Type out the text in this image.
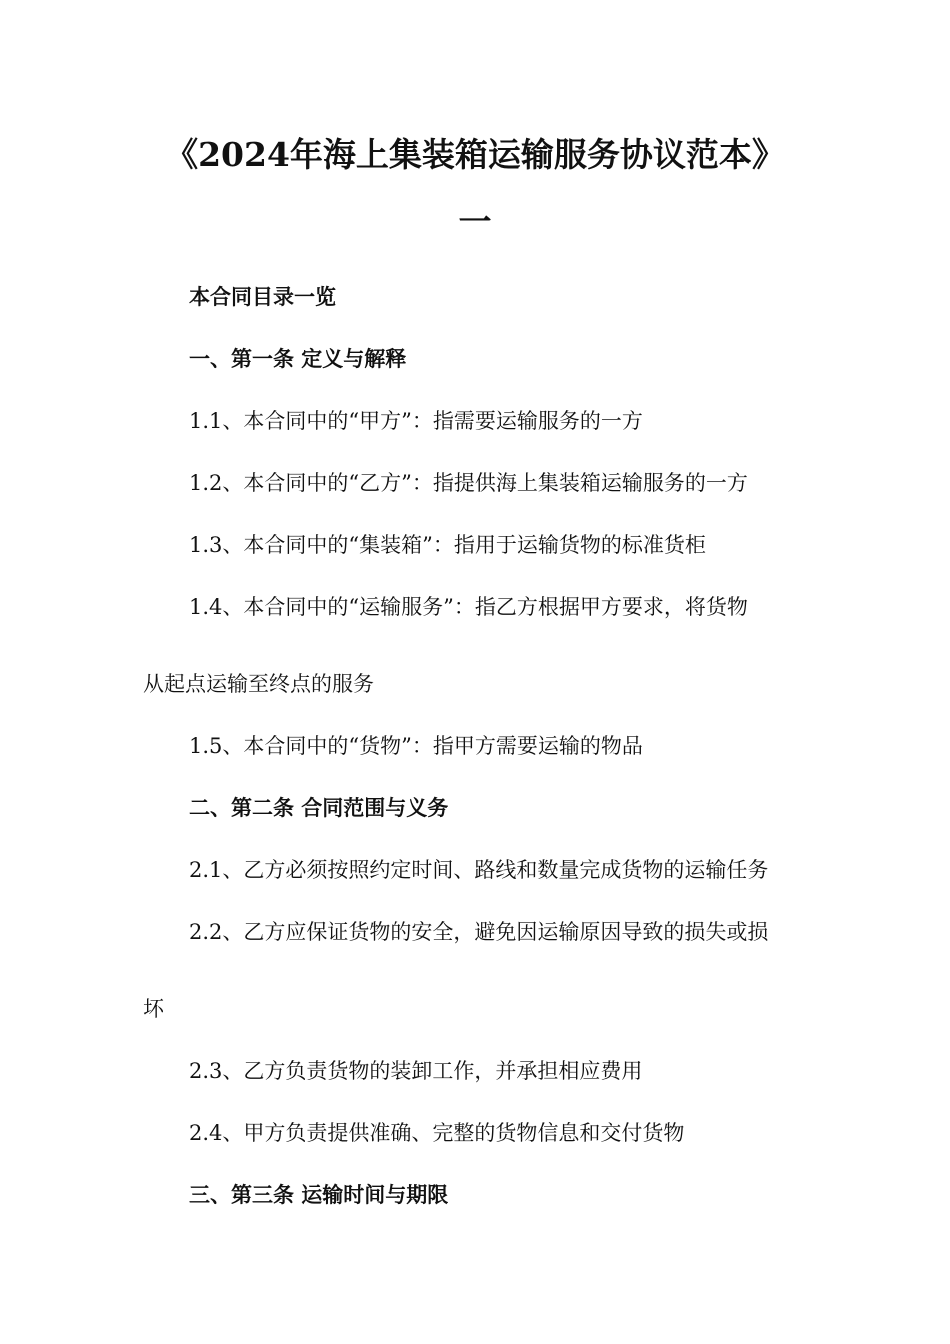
《2024年海上集装箱运输服务协议范本》
一
本合同目录一览
一、第一条 定义与解释
1.1、本合同中的“甲方”：指需要运输服务的一方
1.2、本合同中的“乙方”：指提供海上集装箱运输服务的一方
1.3、本合同中的“集装箱”：指用于运输货物的标准货柜
1.4、本合同中的“运输服务”：指乙方根据甲方要求，将货物
从起点运输至终点的服务
1.5、本合同中的“货物”：指甲方需要运输的物品
二、第二条 合同范围与义务
2.1、乙方必须按照约定时间、路线和数量完成货物的运输任务
2.2、乙方应保证货物的安全，避免因运输原因导致的损失或损
坏
2.3、乙方负责货物的装卸工作，并承担相应费用
2.4、甲方负责提供准确、完整的货物信息和交付货物
三、第三条 运输时间与期限
